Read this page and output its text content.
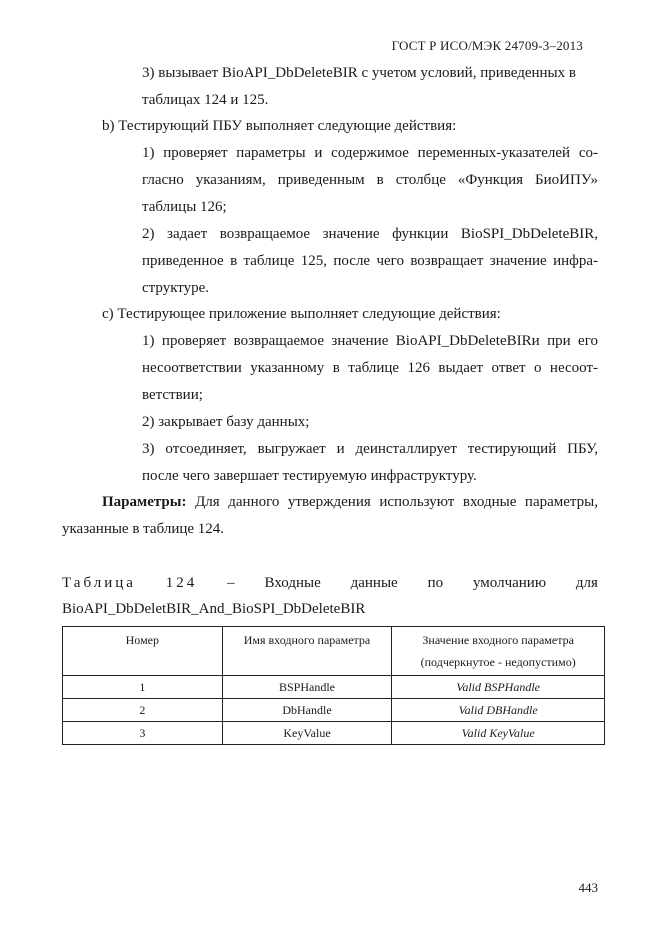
ГОСТ Р ИСО/МЭК 24709-3–2013
3) вызывает BioAPI_DbDeleteBIR с учетом условий, приведенных в
таблицах 124 и 125.
b) Тестирующий ПБУ выполняет следующие действия:
1) проверяет параметры и содержимое переменных-указателей со-
гласно указаниям, приведенным в столбце «Функция БиоИПУ»
таблицы 126;
2) задает возвращаемое значение функции BioSPI_DbDeleteBIR,
приведенное в таблице 125, после чего возвращает значение инфра-
структуре.
c) Тестирующее приложение выполняет следующие действия:
1) проверяет возвращаемое значение BioAPI_DbDeleteBIRи при его
несоответствии указанному в таблице 126 выдает ответ о несоот-
ветствии;
2) закрывает базу данных;
3) отсоединяет, выгружает и деинсталлирует тестирующий ПБУ,
после чего завершает тестируемую инфраструктуру.
Параметры: Для данного утверждения используют входные параметры,
указанные в таблице 124.
Таблица 124 – Входные данные по умолчанию для
BioAPI_DbDeletBIR_And_BioSPI_DbDeleteBIR
Номер	Имя входного параметра	Значение входного параметра
(подчеркнутое - недопустимо)

1	BSPHandle	Valid BSPHandle
2	DbHandle	Valid DBHandle
3	KeyValue	Valid KeyValue
443
